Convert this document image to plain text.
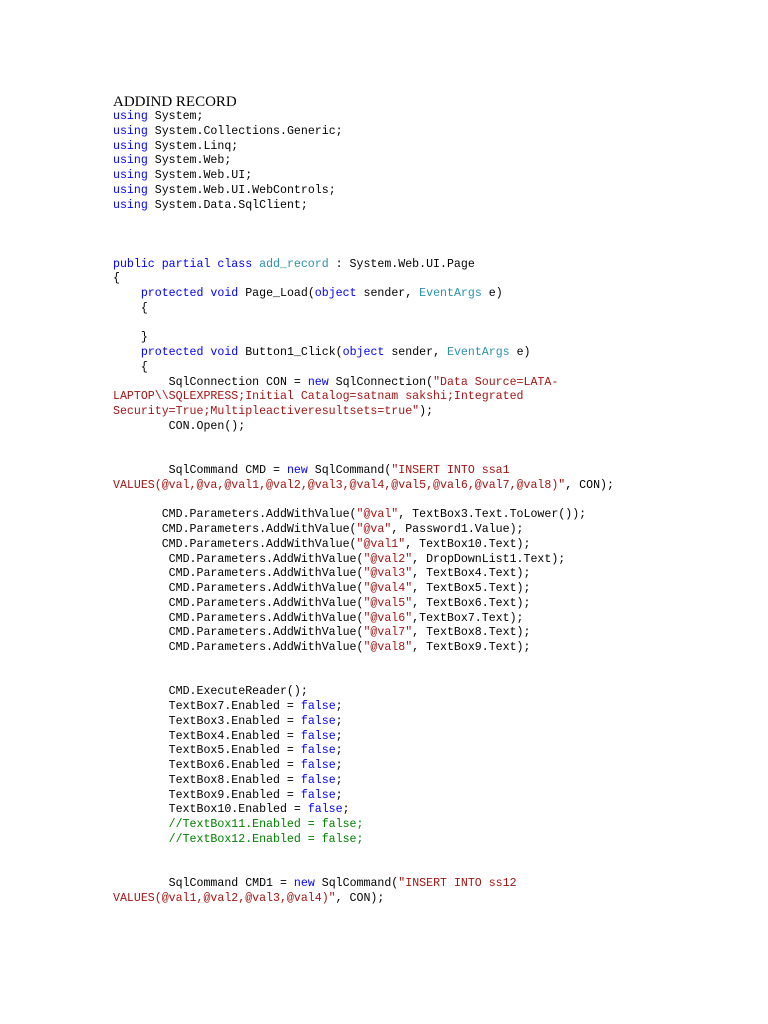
ADDIND RECORD
using System;
using System.Collections.Generic;
using System.Linq;
using System.Web;
using System.Web.UI;
using System.Web.UI.WebControls;
using System.Data.SqlClient;
public partial class add_record : System.Web.UI.Page
{
protected void Page_Load(object sender, EventArgs e)
{
}
protected void Button1_Click(object sender, EventArgs e)
{
SqlConnection CON = new SqlConnection("Data Source=LATA-
LAPTOP\\SQLEXPRESS;Initial Catalog=satnam sakshi;Integrated
Security=True;Multipleactiveresultsets=true");
CON.Open();
SqlCommand CMD = new SqlCommand("INSERT INTO ssa1
VALUES(@val,@va,@val1,@val2,@val3,@val4,@val5,@val6,@val7,@val8)", CON);
CMD.Parameters.AddWithValue("@val", TextBox3.Text.ToLower());
CMD.Parameters.AddWithValue("@va", Password1.Value);
CMD.Parameters.AddWithValue("@val1", TextBox10.Text);
CMD.Parameters.AddWithValue("@val2", DropDownList1.Text);
CMD.Parameters.AddWithValue("@val3", TextBox4.Text);
CMD.Parameters.AddWithValue("@val4", TextBox5.Text);
CMD.Parameters.AddWithValue("@val5", TextBox6.Text);
CMD.Parameters.AddWithValue("@val6",TextBox7.Text);
CMD.Parameters.AddWithValue("@val7", TextBox8.Text);
CMD.Parameters.AddWithValue("@val8", TextBox9.Text);
CMD.ExecuteReader();
TextBox7.Enabled = false;
TextBox3.Enabled = false;
TextBox4.Enabled = false;
TextBox5.Enabled = false;
TextBox6.Enabled = false;
TextBox8.Enabled = false;
TextBox9.Enabled = false;
TextBox10.Enabled = false;
//TextBox11.Enabled = false;
//TextBox12.Enabled = false;
SqlCommand CMD1 = new SqlCommand("INSERT INTO ss12
VALUES(@val1,@val2,@val3,@val4)", CON);
